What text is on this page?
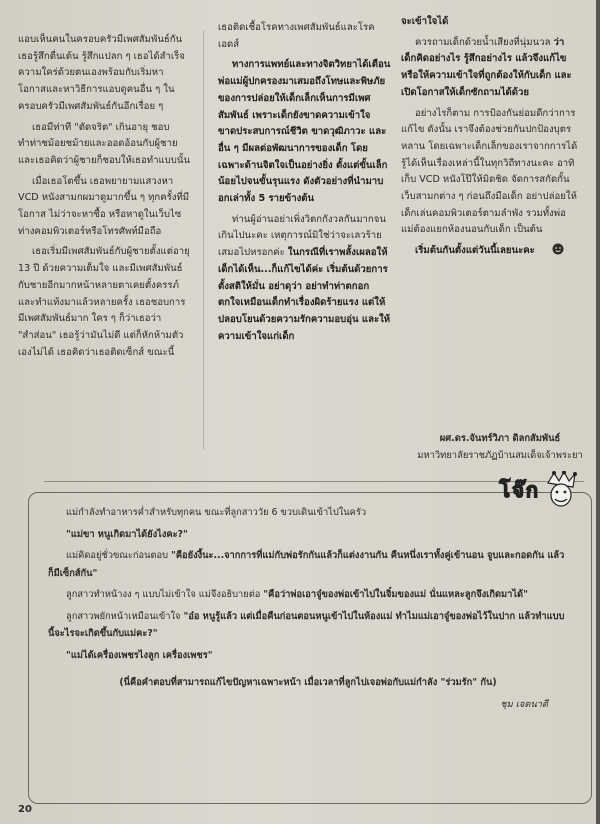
แอบเห็นคนในครอบครัวมีเพศสัมพันธ์กัน เธอรู้สึกตื่นเต้น รู้สึกแปลก ๆ เธอได้สำเร็จความใคร่ด้วยตนเองพร้อมกับเริ่มหาโอกาสและหาวิธีการแอบดูคนอื่น ๆ ในครอบครัวมีเพศสัมพันธ์กันอีกเรื่อย ๆ

เธอมีท่าที "ตัดจริต" เกินอายุ ชอบทำท่าชม้อยชม้ายและออดอ้อนกับผู้ชาย และเธอคิดว่าผู้ชายก็ชอบให้เธอทำแบบนั้น

เมื่อเธอโตขึ้น เธอพยายามแสวงหา VCD หนังสามกผมาดูมากขึ้น ๆ ทุกครั้งที่มีโอกาส ไม่ว่าจะหาซื้อ หรือหาดูในเว็บไซท่างคอมพิวเตอร์หรือโทรศัพท์มือถือ

เธอเริ่มมีเพศสัมพันธ์กับผู้ชายตั้งแต่อายุ 13 ปี ด้วยความเต็มใจ และมีเพศสัมพันธ์กับชายอีกมากหน้าหลายตาเคยตั้งครรภ์และทำแท้งมาแล้วหลายครั้ง เธอชอบการมีเพศสัมพันธ์มาก ใคร ๆ ก็ว่าเธอว่า "สำส่อน" เธอรู้ว่ามันไม่ดี แต่ก็หักห้ามตัวเองไม่ได้ เธอคิดว่าเธอติดเซ็กส์ ขณะนี้

เธอติดเชื้อโรคทางเพศสัมพันธ์และโรคเอดส์

ทางการแพทย์และทางจิตวิทยาได้เตือนพ่อแม่ผู้ปกครองมาเสมอถึงโทษและพิษภัยของการปล่อยให้เด็กเล็กเห็นการมีเพศสัมพันธ์ เพราะเด็กยังขาดความเข้าใจ ขาดประสบการณ์ชีวิต ขาดวุฒิภาวะ และอื่น ๆ มีผลต่อพัฒนาการของเด็ก โดยเฉพาะด้านจิตใจเป็นอย่างยิ่ง ตั้งแต่ขั้นเล็กน้อยไปจนขั้นรุนแรง ดังตัวอย่างที่นำมาบอกเล่าทั้ง 5 รายข้างต้น

ท่านผู้อ่านอย่าเพิ่งวิตกกังวลกันมากจนเกินไปนะคะ เหตุการณ์มิใช่ว่าจะเลวร้ายเสมอไปหรอกค่ะ ในกรณีที่เราพลั้งเผลอให้เด็กได้เห็น...ก็แก้ไขได้ค่ะ เริ่มต้นด้วยการตั้งสติให้มั่น อย่าดุว่า อย่าทำท่าตกอกตกใจเหมือนเด็กทำเรื่องผิดร้ายแรง แต่ให้ปลอบโยนด้วยความรักความอบอุ่น และให้ความเข้าใจแก่เด็ก

จะเข้าใจได้

ควรถามเด็กด้วยน้ำเสียงที่นุ่มนวล ว่า เด็กคิดอย่างไร รู้สึกอย่างไร แล้วจึงแก้ไขหรือให้ความเข้าใจที่ถูกต้องให้กับเด็ก และเปิดโอกาสให้เด็กซักถามได้ด้วย

อย่างไรก็ตาม การป้องกันย่อมดีกว่าการแก้ไข ดังนั้น เราจึงต้องช่วยกันปกป้องบุตรหลาน โดยเฉพาะเด็กเล็กของเราจากการได้รู้ได้เห็นเรื่องเหล่านี้ในทุกวิถีทางนะคะ อาทิ เก็บ VCD หนังโป๊ให้มิดชิด จัดการสกัดกั้นเว็บสามกต่าง ๆ ก่อนถึงมือเด็ก อย่าปล่อยให้เด็กเล่นคอมพิวเตอร์ตามลำพัง รวมทั้งพ่อแม่ต้องแยกห้องนอนกับเด็ก เป็นต้น

เริ่มต้นกันตั้งแต่วันนี้เลยนะคะ

ผศ.ดร.จันทร์วิภา ดิลกสัมพันธ์
มหาวิทยาลัยราชภัฏบ้านสมเด็จเจ้าพระยา
โจ๊ก

แม่กำลังทำอาหารค่ำสำหรับทุกคน ขณะที่ลูกสาววัย 6 ขวบเดินเข้าไปในครัว

"แม่ขา หนูเกิดมาได้ยังไงคะ?"

แม่คิดอยู่ชั่วขณะก่อนตอบ "คือยังงี้นะ...จากการที่แม่กับพ่อรักกันแล้วก็แต่งงานกัน คืนหนึ่งเราทั้งคู่เข้านอน จูบและกอดกัน แล้วก็มีเซ็กส์กัน"

ลูกสาวทำหน้างง ๆ แบบไม่เข้าใจ แม่จึงอธิบายต่อ "คือว่าพ่อเอาจู๋ของพ่อเข้าไปในจิ๋มของแม่ นั่นแหละลูกจึงเกิดมาได้"

ลูกสาวพยักหน้าเหมือนเข้าใจ "อ๋อ หนูรู้แล้ว แต่เมื่อคืนก่อนตอนหนูเข้าไปในห้องแม่ ทำไมแม่เอาจู๋ของพ่อไว้ในปาก แล้วทำแบบนี้จะไรจะเกิดขึ้นกับแม่คะ?"

"แม่ได้เครื่องเพชรไงลูก เครื่องเพชร"

(นี่คือคำตอบที่สามารถแก้ไขปัญหาเฉพาะหน้า เมื่อเวลาที่ลูกไปเจอพ่อกับแม่กำลัง "ร่วมรัก" กัน)

ชุม เจตนาดี

20
